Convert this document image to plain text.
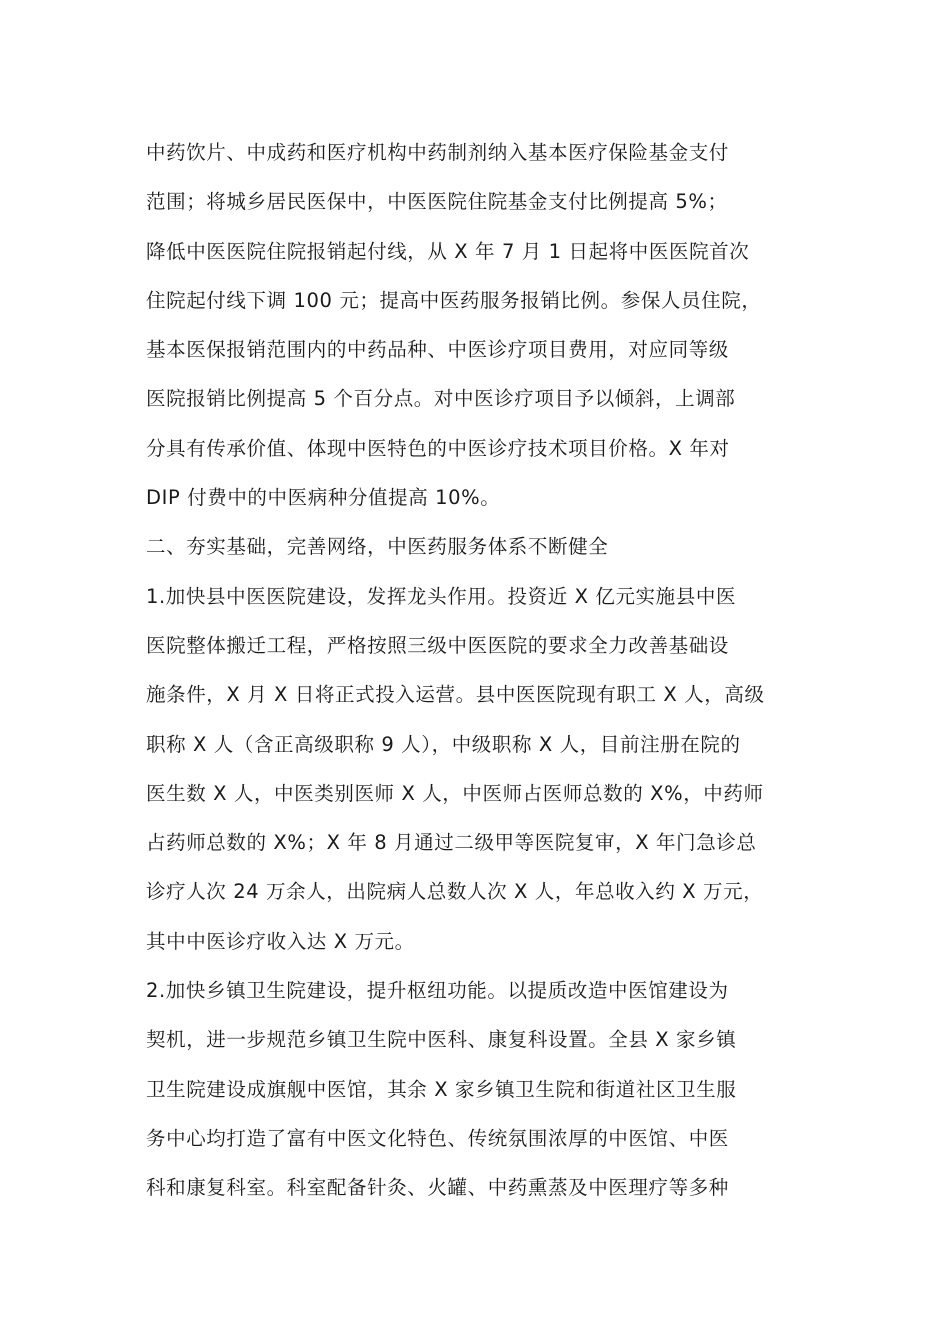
中药饮片、中成药和医疗机构中药制剂纳入基本医疗保险基金支付
范围；将城乡居民医保中，中医医院住院基金支付比例提高 5%；
降低中医医院住院报销起付线，从 X 年 7 月 1 日起将中医医院首次
住院起付线下调 100 元；提高中医药服务报销比例。参保人员住院，
基本医保报销范围内的中药品种、中医诊疗项目费用，对应同等级
医院报销比例提高 5 个百分点。对中医诊疗项目予以倾斜，上调部
分具有传承价值、体现中医特色的中医诊疗技术项目价格。X 年对
DIP 付费中的中医病种分值提高 10%。
二、夯实基础，完善网络，中医药服务体系不断健全
1.加快县中医医院建设，发挥龙头作用。投资近 X 亿元实施县中医
医院整体搬迁工程，严格按照三级中医医院的要求全力改善基础设
施条件，X 月 X 日将正式投入运营。县中医医院现有职工 X 人，高级
职称 X 人（含正高级职称 9 人），中级职称 X 人，目前注册在院的
医生数 X 人，中医类别医师 X 人，中医师占医师总数的 X%，中药师
占药师总数的 X%；X 年 8 月通过二级甲等医院复审，X 年门急诊总
诊疗人次 24 万余人，出院病人总数人次 X 人，年总收入约 X 万元，
其中中医诊疗收入达 X 万元。
2.加快乡镇卫生院建设，提升枢纽功能。以提质改造中医馆建设为
契机，进一步规范乡镇卫生院中医科、康复科设置。全县 X 家乡镇
卫生院建设成旗舰中医馆，其余 X 家乡镇卫生院和街道社区卫生服
务中心均打造了富有中医文化特色、传统氛围浓厚的中医馆、中医
科和康复科室。科室配备针灸、火罐、中药熏蒸及中医理疗等多种
